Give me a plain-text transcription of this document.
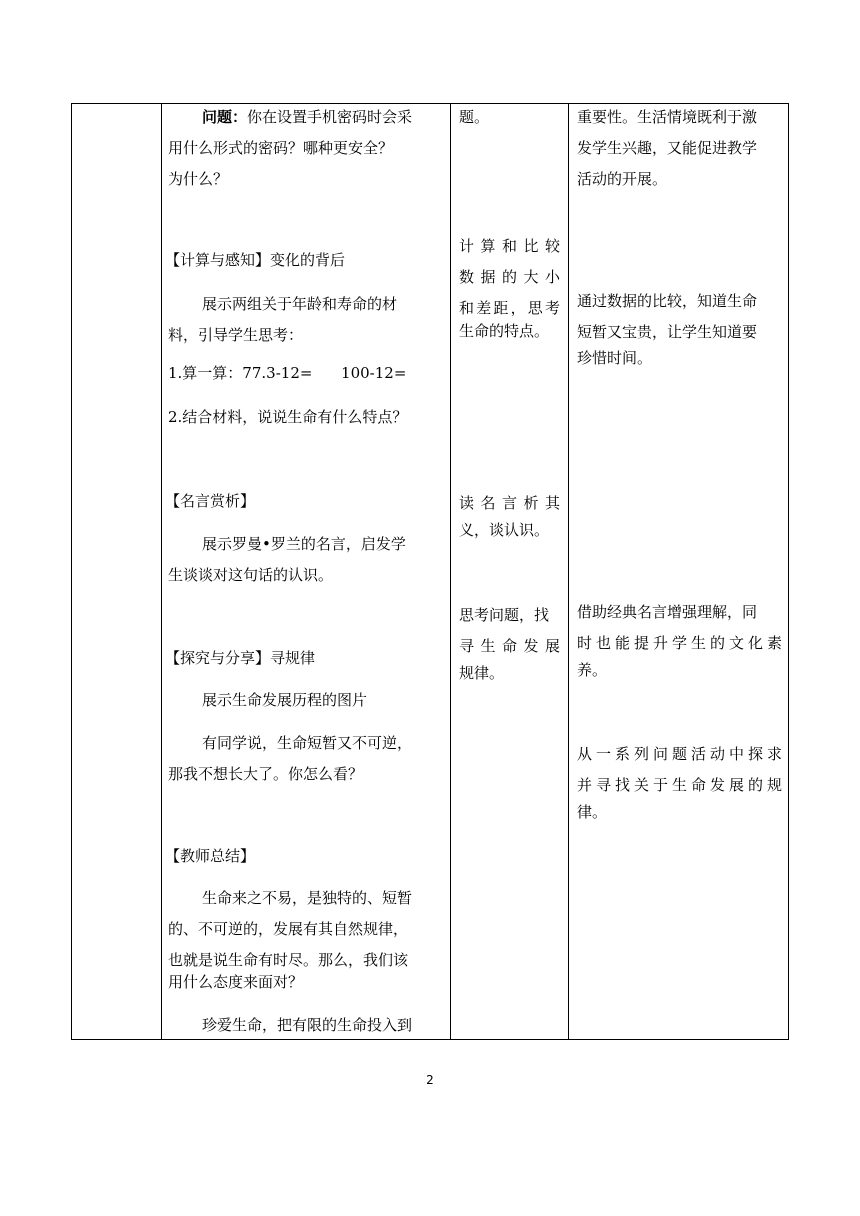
问题：你在设置手机密码时会采

用什么形式的密码？哪种更安全？

为什么？

【计算与感知】变化的背后

展示两组关于年龄和寿命的材

料，引导学生思考：

1.算一算：77.3-12=      100-12=

2.结合材料，说说生命有什么特点？

【名言赏析】

展示罗曼•罗兰的名言，启发学

生谈谈对这句话的认识。

【探究与分享】寻规律

展示生命发展历程的图片

有同学说，生命短暂又不可逆，

那我不想长大了。你怎么看？

【教师总结】

生命来之不易，是独特的、短暂

的、不可逆的，发展有其自然规律，

也就是说生命有时尽。那么，我们该

用什么态度来面对？

珍爱生命，把有限的生命投入到

题。

计算和比较

数据的大小

和差距，思考

生命的特点。

读名言析其

义，谈认识。

思考问题，找

寻生命发展

规律。

重要性。生活情境既利于激

发学生兴趣，又能促进教学

活动的开展。

通过数据的比较，知道生命

短暂又宝贵，让学生知道要

珍惜时间。

借助经典名言增强理解，同

时也能提升学生的文化素

养。

从一系列问题活动中探求

并寻找关于生命发展的规

律。

2
